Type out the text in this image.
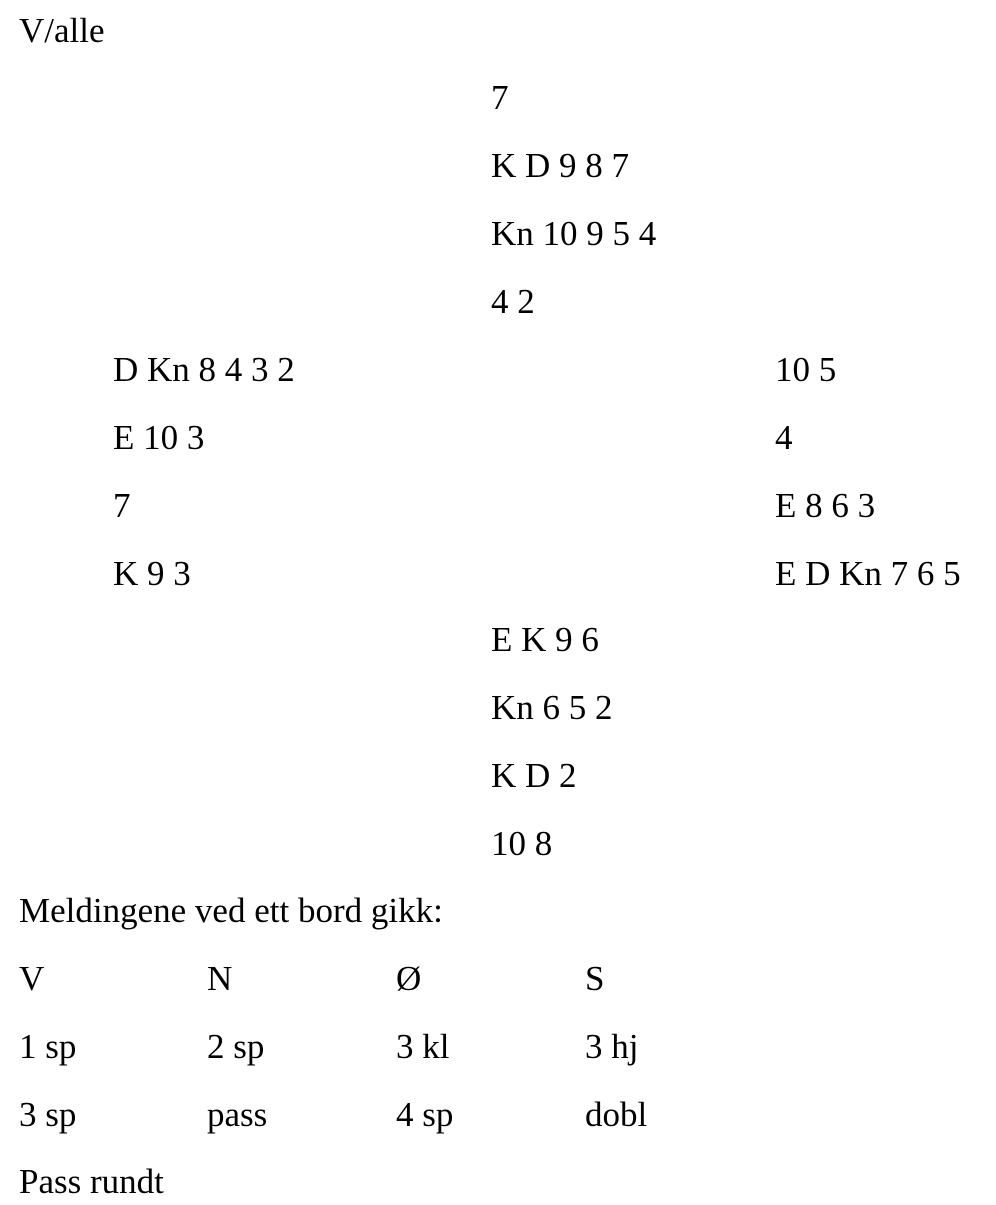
V/alle
7
K D 9 8 7
Kn 10 9 5 4
4 2
D Kn 8 4 3 2
E 10 3
7
K 9 3
10 5
4
E 8 6 3
E D Kn 7 6 5
E K 9 6
Kn 6 5 2
K D 2
10 8
Meldingene ved ett bord gikk:
V	N	Ø	S
1 sp	2 sp	3 kl	3 hj
3 sp	pass	4 sp	dobl
Pass rundt
